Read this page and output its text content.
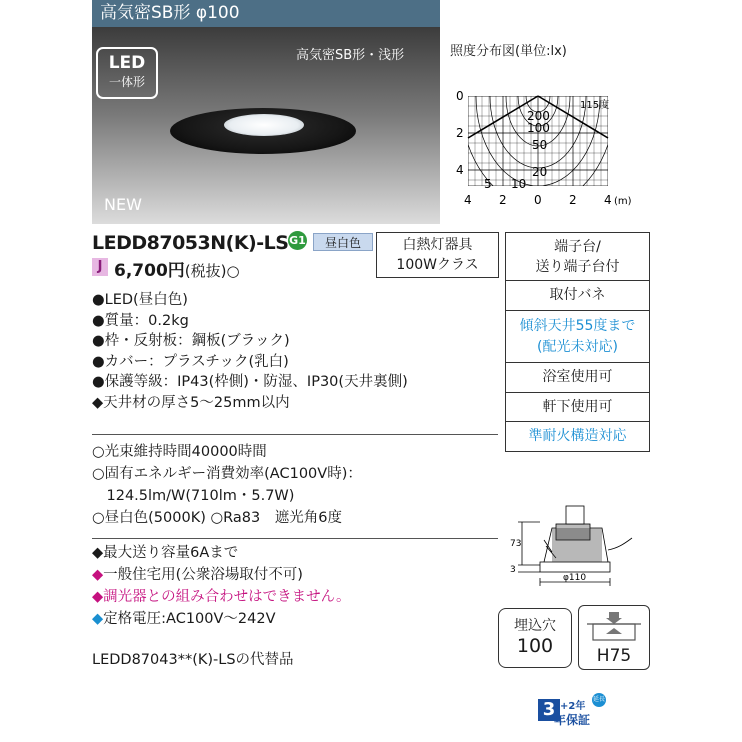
高気密SB形 φ100
LED
一体形
高気密SB形・浅形
NEW
照度分布図(単位:lx)
0
2
4
4 2 0 2 4 (m)
115度
200
100
50
20
10
5
LEDD87053N(K)-LS G1	昼白色	白熱灯器具
100Wクラス
J 6,700円(税抜)○
●LED(昼白色)
●質量：0.2kg
●枠・反射板：鋼板(ブラック)
●カバー：プラスチック(乳白)
●保護等級：IP43(枠側)・防湿、IP30(天井裏側)
◆天井材の厚さ5〜25mm以内
○光束維持時間40000時間
○固有エネルギー消費効率(AC100V時)：
　124.5lm/W(710lm・5.7W)
○昼白色(5000K) ○Ra83　遮光角6度
◆最大送り容量6Aまで
◆一般住宅用(公衆浴場取付不可)
◆調光器との組み合わせはできません。
◆定格電圧:AC100V〜242V
LEDD87043**(K)-LSの代替品
端子台/
送り端子台付
取付バネ
傾斜天井55度まで
(配光未対応)
浴室使用可
軒下使用可
準耐火構造対応
73
3
φ110
埋込穴
100	H75
3 +2年
年保証
延長
